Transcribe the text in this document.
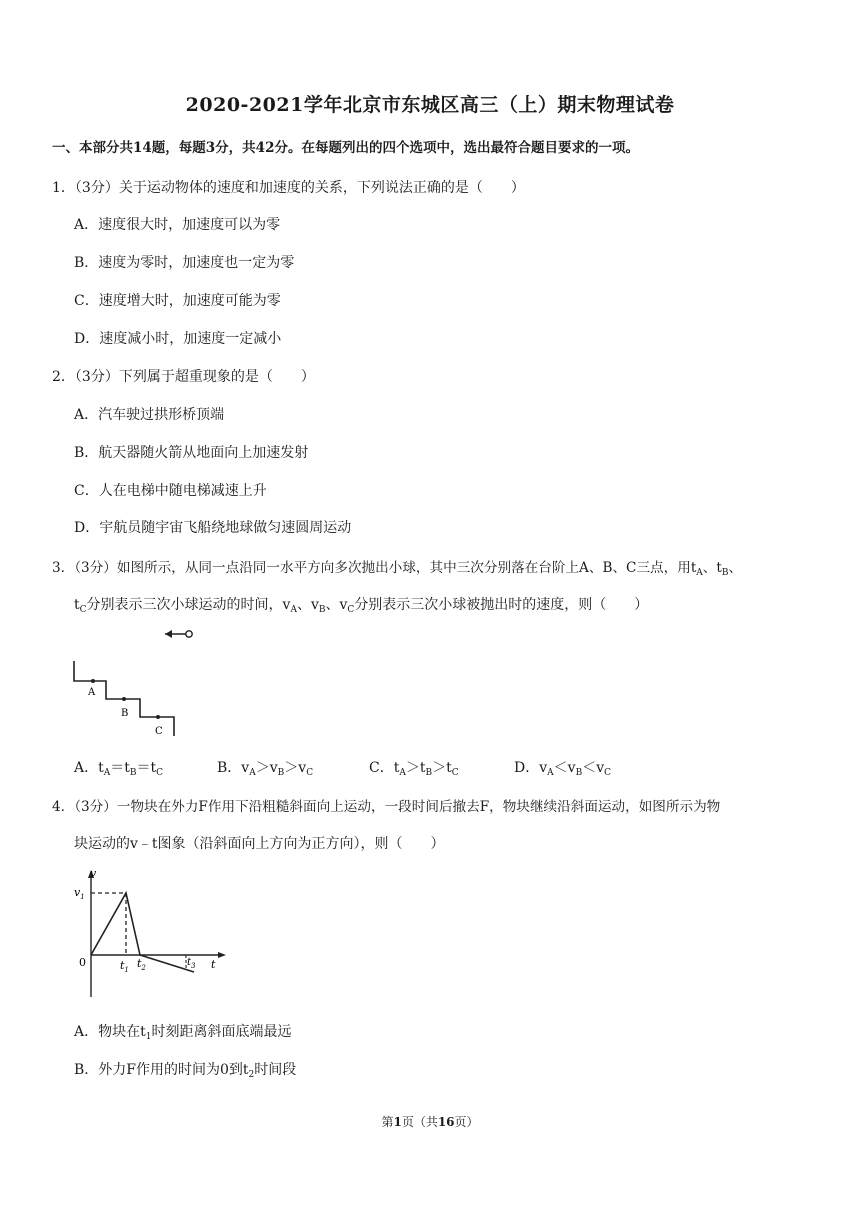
2020-2021学年北京市东城区高三（上）期末物理试卷
一、本部分共14题，每题3分，共42分。在每题列出的四个选项中，选出最符合题目要求的一项。
1．（3分）关于运动物体的速度和加速度的关系，下列说法正确的是（　　）
A．速度很大时，加速度可以为零
B．速度为零时，加速度也一定为零
C．速度增大时，加速度可能为零
D．速度减小时，加速度一定减小
2．（3分）下列属于超重现象的是（　　）
A．汽车驶过拱形桥顶端
B．航天器随火箭从地面向上加速发射
C．人在电梯中随电梯减速上升
D．宇航员随宇宙飞船绕地球做匀速圆周运动
3．（3分）如图所示，从同一点沿同一水平方向多次抛出小球，其中三次分别落在台阶上A、B、C三点，用$t_A$、$t_B$、
$t_C$分别表示三次小球运动的时间，$v_A$、$v_B$、$v_C$分别表示三次小球被抛出时的速度，则（　　）
A
B
C
A．$t_A=t_B=t_C$	B．$v_A>v_B>v_C$	C．$t_A>t_B>t_C$	D．$v_A<v_B<v_C$
4．（3分）一物块在外力F作用下沿粗糙斜面向上运动，一段时间后撤去F，物块继续沿斜面运动，如图所示为物
块运动的v﹣t图象（沿斜面向上方向为正方向），则（　　）
v
t
$v_1$
0	$t_1$ $t_2$	$t_3$
A．物块在$t_1$时刻距离斜面底端最远
B．外力F作用的时间为0到$t_2$时间段
第1页（共16页）
